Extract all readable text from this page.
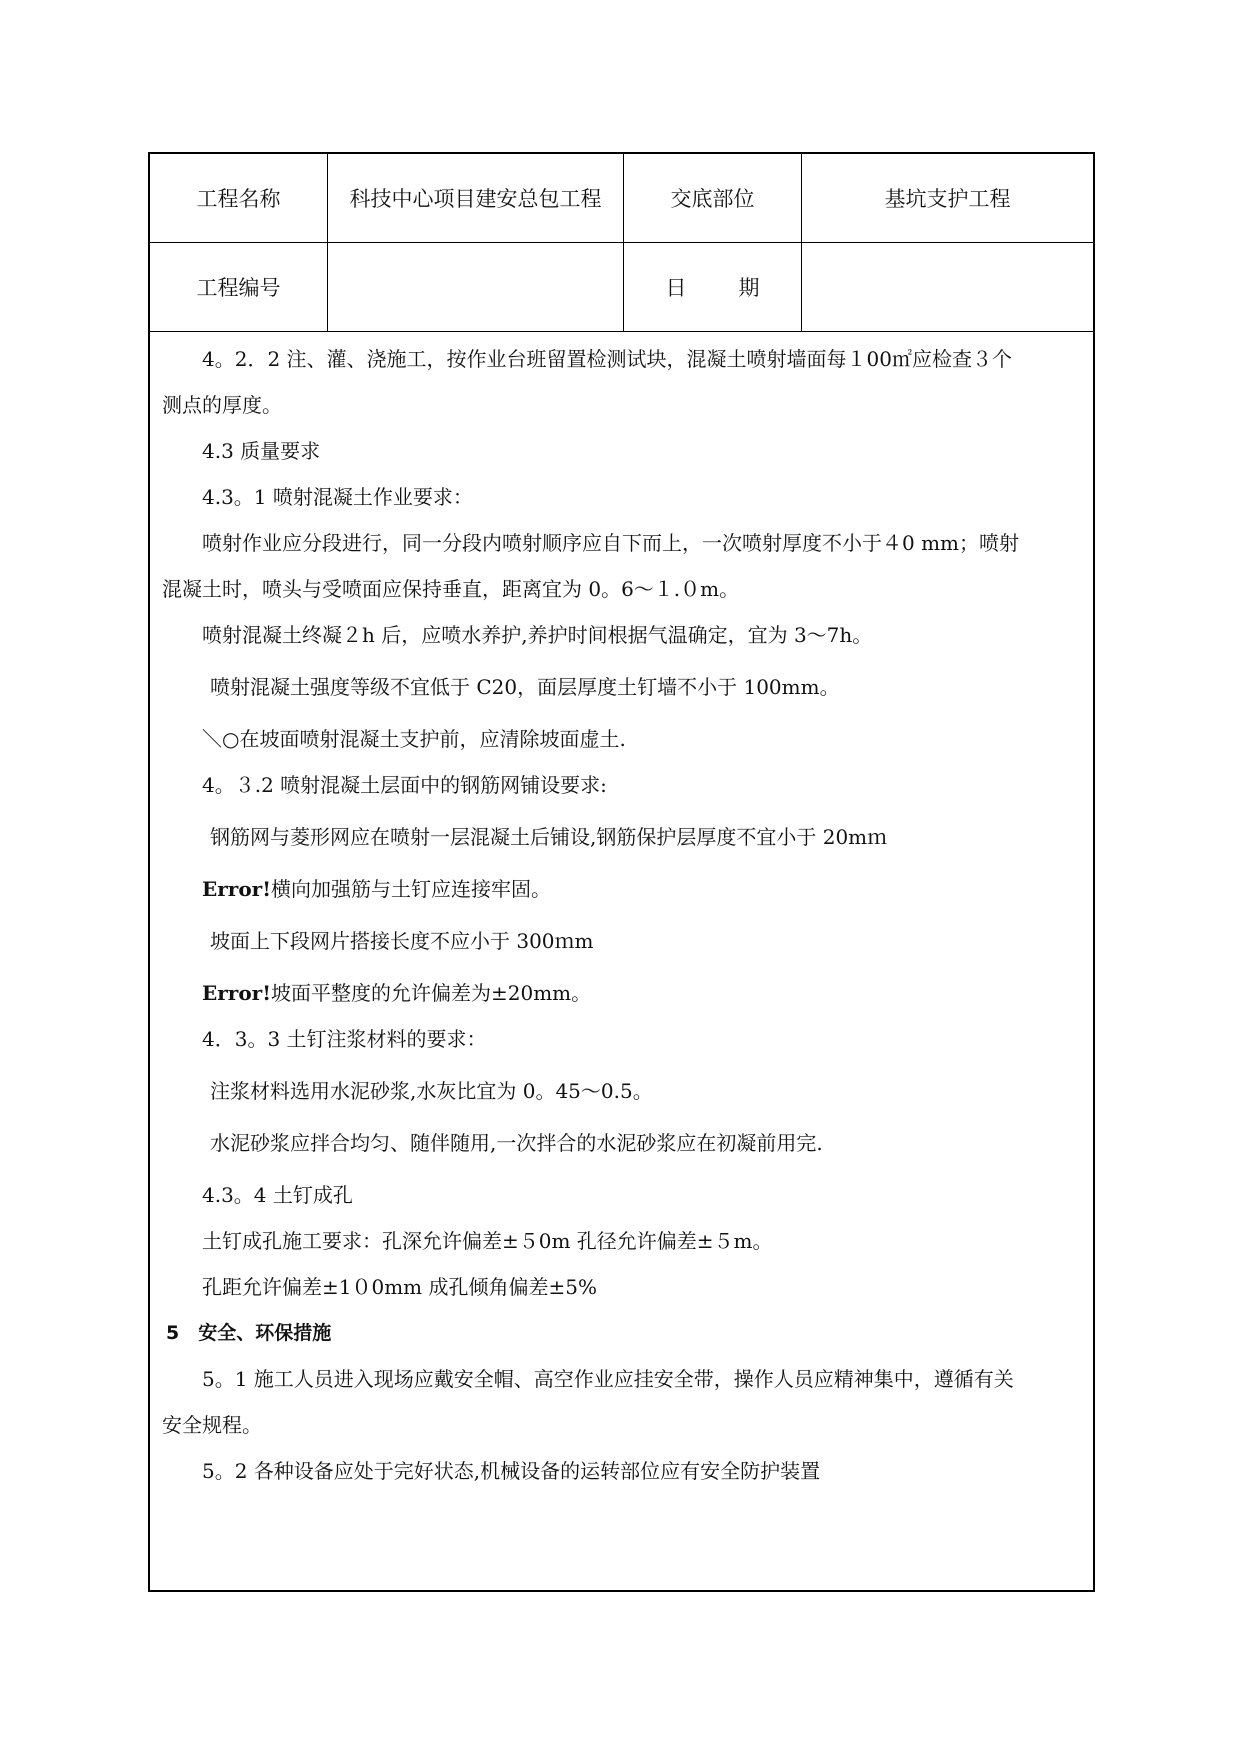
工程名称	科技中心项目建安总包工程	交底部位	基坑支护工程
工程编号		日 期	

4。2．2 注、灌、浇施工，按作业台班留置检测试块，混凝土喷射墙面每１00㎡应检查３个

测点的厚度。

4.3 质量要求

4.3。1 喷射混凝土作业要求：

喷射作业应分段进行，同一分段内喷射顺序应自下而上，一次喷射厚度不小于４0 mm；喷射

混凝土时，喷头与受喷面应保持垂直，距离宜为 0。6～１.０m。

喷射混凝土终凝２h 后，应喷水养护,养护时间根据气温确定，宜为 3～7h。

喷射混凝土强度等级不宜低于 C20，面层厚度土钉墙不小于 100mm。

＼○在坡面喷射混凝土支护前，应清除坡面虚土.

4。３.2 喷射混凝土层面中的钢筋网铺设要求:

钢筋网与菱形网应在喷射一层混凝土后铺设,钢筋保护层厚度不宜小于 20mｍ

Error!横向加强筋与土钉应连接牢固。

坡面上下段网片搭接长度不应小于 300ｍm

Error!坡面平整度的允许偏差为±20mm。

4．3。3 土钉注浆材料的要求：

注浆材料选用水泥砂浆,水灰比宜为 0。45～0.5。

水泥砂浆应拌合均匀、随伴随用,一次拌合的水泥砂浆应在初凝前用完.

4.3。4 土钉成孔

土钉成孔施工要求：孔深允许偏差±５0m 孔径允许偏差±５m。

孔距允许偏差±1０0mm 成孔倾角偏差±5%

5　安全、环保措施

5。1 施工人员进入现场应戴安全帽、高空作业应挂安全带，操作人员应精神集中，遵循有关

安全规程。

5。2 各种设备应处于完好状态,机械设备的运转部位应有安全防护装置
